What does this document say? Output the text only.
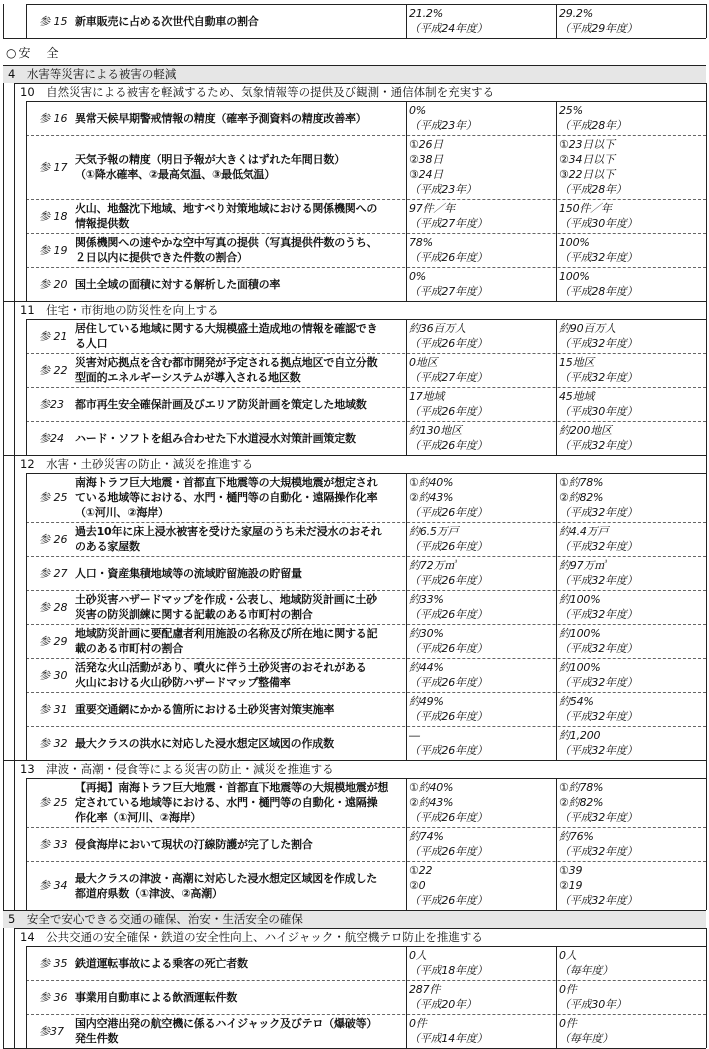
参 15 新車販売に占める次世代自動車の割合
21.2%
（平成24年度）
29.2%
（平成29年度）
○安　全
4　水害等災害による被害の軽減
10　自然災害による被害を軽減するため、気象情報等の提供及び観測・通信体制を充実する
参 16 異常天候早期警戒情報の精度（確率予測資料の精度改善率）
0%
（平成23年）
25%
（平成28年）
参 17
天気予報の精度（明日予報が大きくはずれた年間日数）
（①降水確率、②最高気温、③最低気温）
①26日
②38日
③24日
（平成23年）
①23日以下
②34日以下
③22日以下
（平成28年）
参 18
火山、地盤沈下地域、地すべり対策地域における関係機関への
情報提供数
97件／年
（平成27年度）
150件／年
（平成30年度）
参 19
関係機関への速やかな空中写真の提供（写真提供件数のうち、
２日以内に提供できた件数の割合）
78%
（平成26年度）
100%
（平成32年度）
参 20 国土全域の面積に対する解析した面積の率
0%
（平成27年度）
100%
（平成28年度）
11　住宅・市街地の防災性を向上する
参 21
居住している地域に関する大規模盛土造成地の情報を確認でき
る人口
約36百万人
（平成26年度）
約90百万人
（平成32年度）
参 22
災害対応拠点を含む都市開発が予定される拠点地区で自立分散
型面的エネルギーシステムが導入される地区数
0地区
（平成27年度）
15地区
（平成32年度）
参23 都市再生安全確保計画及びエリア防災計画を策定した地域数
17地域
（平成26年度）
45地域
（平成30年度）
参24 ハード・ソフトを組み合わせた下水道浸水対策計画策定数
約130地区
（平成26年度）
約200地区
（平成32年度）
12　水害・土砂災害の防止・減災を推進する
参 25
南海トラフ巨大地震・首都直下地震等の大規模地震が想定され
ている地域等における、水門・樋門等の自動化・遠隔操作化率
（①河川、②海岸）
①約40%
②約43%
（平成26年度）
①約78%
②約82%
（平成32年度）
参 26
過去10年に床上浸水被害を受けた家屋のうち未だ浸水のおそれ
のある家屋数
約6.5万戸
（平成26年度）
約4.4万戸
（平成32年度）
参 27 人口・資産集積地域等の流域貯留施設の貯留量
約72万㎥
（平成26年度）
約97万㎥
（平成32年度）
参 28
土砂災害ハザードマップを作成・公表し、地域防災計画に土砂
災害の防災訓練に関する記載のある市町村の割合
約33%
（平成26年度）
約100%
（平成32年度）
参 29
地域防災計画に要配慮者利用施設の名称及び所在地に関する記
載のある市町村の割合
約30%
（平成26年度）
約100%
（平成32年度）
参 30
活発な火山活動があり、噴火に伴う土砂災害のおそれがある
火山における火山砂防ハザードマップ整備率
約44%
（平成26年度）
約100%
（平成32年度）
参 31 重要交通網にかかる箇所における土砂災害対策実施率
約49%
（平成26年度）
約54%
（平成32年度）
参 32 最大クラスの洪水に対応した浸水想定区域図の作成数
―
（平成26年度）
約1,200
（平成32年度）
13　津波・高潮・侵食等による災害の防止・減災を推進する
参 25
【再掲】南海トラフ巨大地震・首都直下地震等の大規模地震が想
定されている地域等における、水門・樋門等の自動化・遠隔操
作化率（①河川、②海岸）
①約40%
②約43%
（平成26年度）
①約78%
②約82%
（平成32年度）
参 33 侵食海岸において現状の汀線防護が完了した割合
約74%
（平成26年度）
約76%
（平成32年度）
参 34
最大クラスの津波・高潮に対応した浸水想定区域図を作成した
都道府県数（①津波、②高潮）
①22
②0
（平成26年度）
①39
②19
（平成32年度）
5　安全で安心できる交通の確保、治安・生活安全の確保
14　公共交通の安全確保・鉄道の安全性向上、ハイジャック・航空機テロ防止を推進する
参 35 鉄道運転事故による乗客の死亡者数
0人
（平成18年度）
0人
（毎年度）
参 36 事業用自動車による飲酒運転件数
287件
（平成20年）
0件
（平成30年）
参37
国内空港出発の航空機に係るハイジャック及びテロ（爆破等）
発生件数
0件
（平成14年度）
0件
（毎年度）
